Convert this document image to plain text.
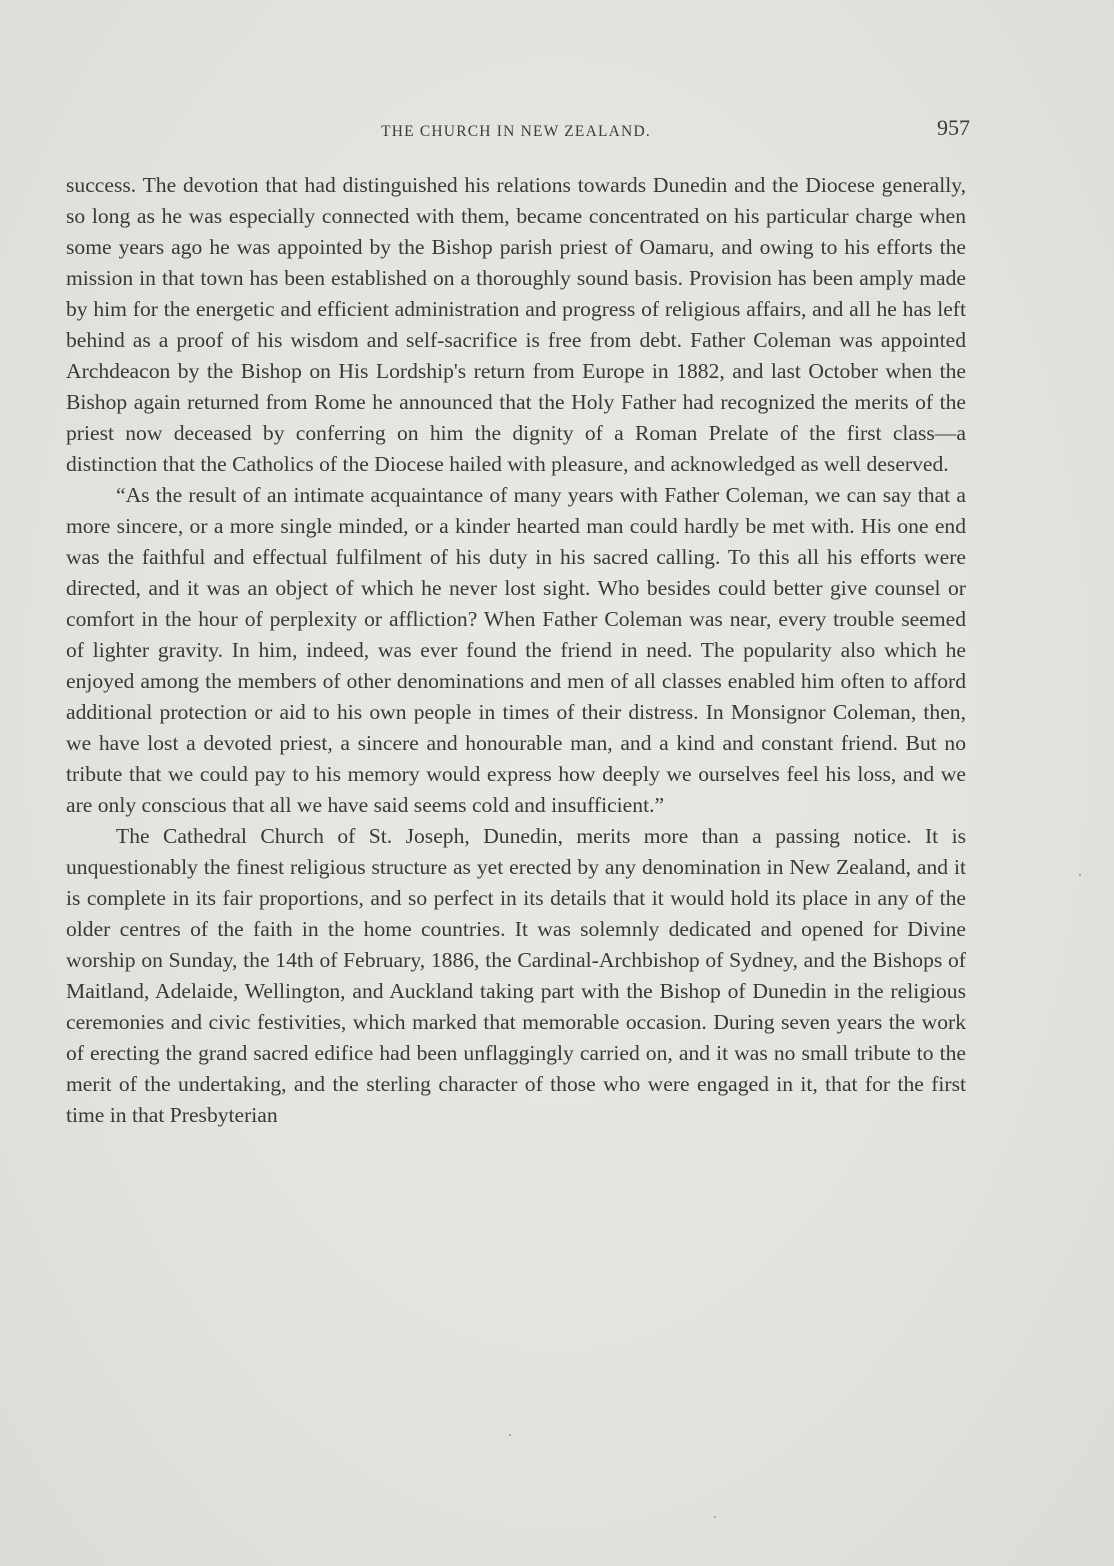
THE CHURCH IN NEW ZEALAND.	957

success. The devotion that had distinguished his relations towards Dunedin and the Diocese generally, so long as he was especially connected with them, became concentrated on his particular charge when some years ago he was appointed by the Bishop parish priest of Oamaru, and owing to his efforts the mission in that town has been established on a thoroughly sound basis. Provision has been amply made by him for the energetic and efficient administration and progress of religious affairs, and all he has left behind as a proof of his wisdom and self-sacrifice is free from debt. Father Coleman was appointed Archdeacon by the Bishop on His Lordship's return from Europe in 1882, and last October when the Bishop again returned from Rome he announced that the Holy Father had recognized the merits of the priest now deceased by conferring on him the dignity of a Roman Prelate of the first class—a distinction that the Catholics of the Diocese hailed with pleasure, and acknowledged as well deserved.

“As the result of an intimate acquaintance of many years with Father Coleman, we can say that a more sincere, or a more single minded, or a kinder hearted man could hardly be met with. His one end was the faithful and effectual fulfilment of his duty in his sacred calling. To this all his efforts were directed, and it was an object of which he never lost sight. Who besides could better give counsel or comfort in the hour of perplexity or affliction? When Father Coleman was near, every trouble seemed of lighter gravity. In him, indeed, was ever found the friend in need. The popularity also which he enjoyed among the members of other denominations and men of all classes enabled him often to afford additional protection or aid to his own people in times of their distress. In Monsignor Coleman, then, we have lost a devoted priest, a sincere and honourable man, and a kind and constant friend. But no tribute that we could pay to his memory would express how deeply we ourselves feel his loss, and we are only conscious that all we have said seems cold and insufficient.”

The Cathedral Church of St. Joseph, Dunedin, merits more than a passing notice. It is unquestionably the finest religious structure as yet erected by any denomination in New Zealand, and it is complete in its fair proportions, and so perfect in its details that it would hold its place in any of the older centres of the faith in the home countries. It was solemnly dedicated and opened for Divine worship on Sunday, the 14th of February, 1886, the Cardinal-Archbishop of Sydney, and the Bishops of Maitland, Adelaide, Wellington, and Auckland taking part with the Bishop of Dunedin in the religious ceremonies and civic festivities, which marked that memorable occasion. During seven years the work of erecting the grand sacred edifice had been unflaggingly carried on, and it was no small tribute to the merit of the undertaking, and the sterling character of those who were engaged in it, that for the first time in that Presbyterian
